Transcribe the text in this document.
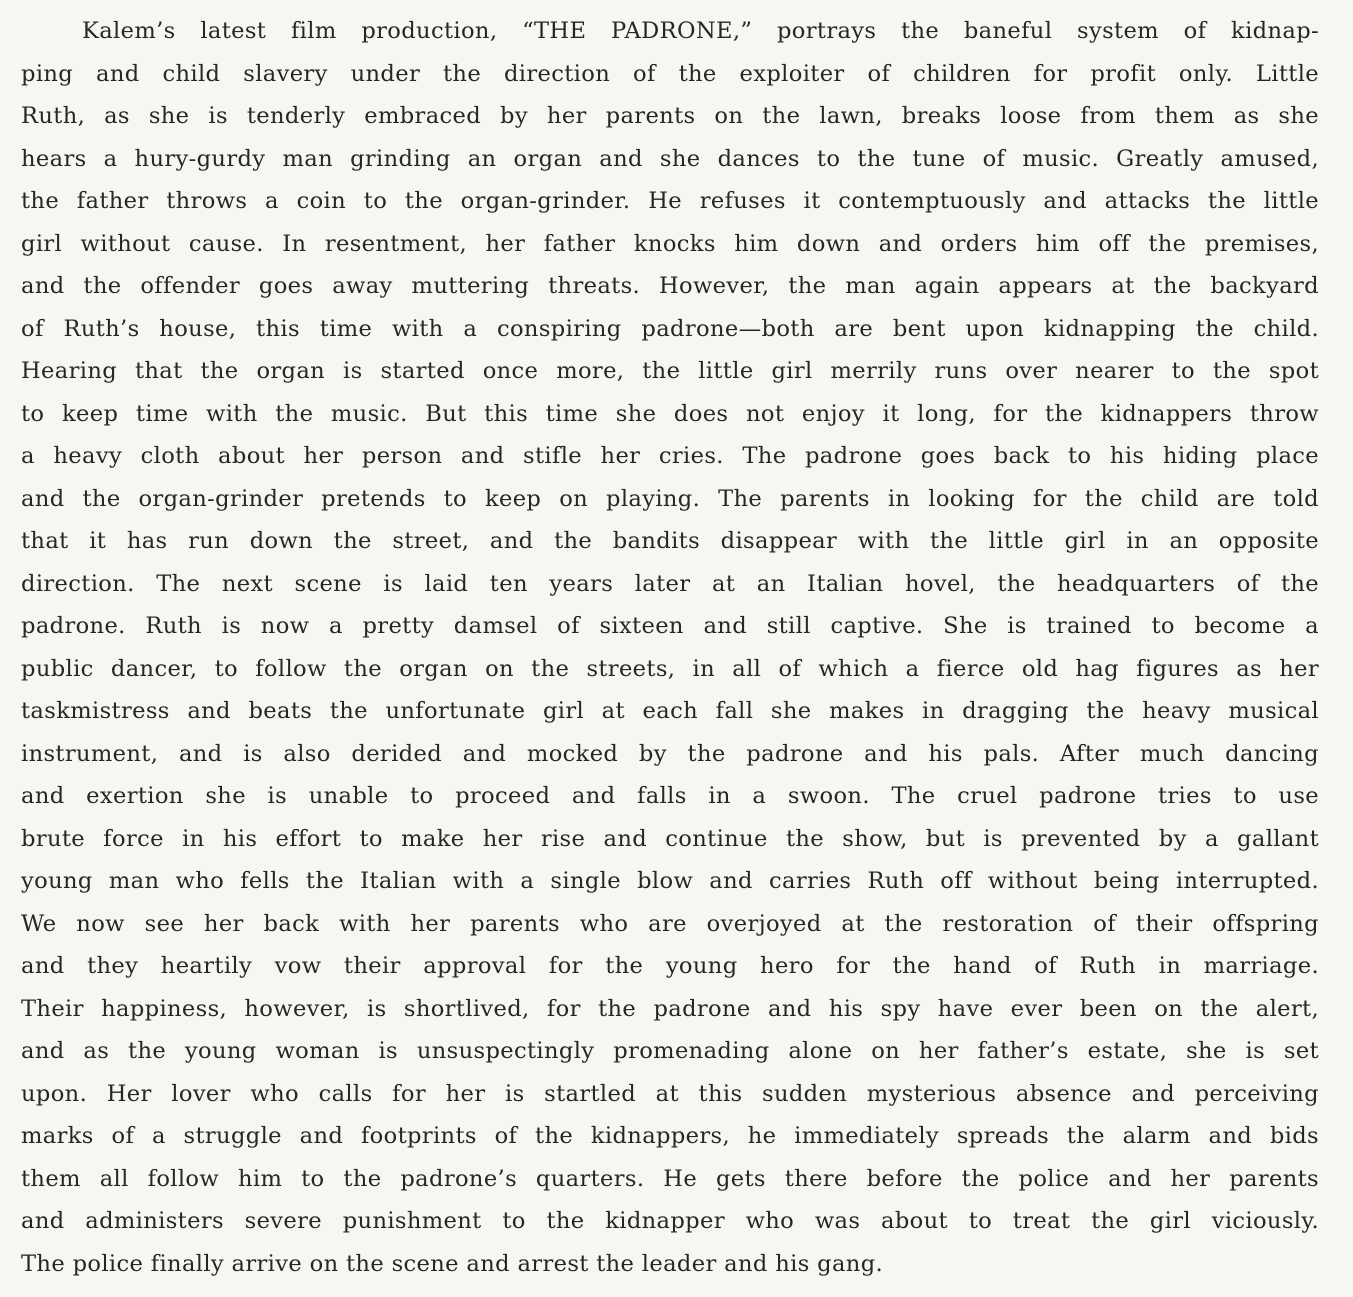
Kalem’s latest film production, “THE PADRONE,” portrays the baneful system of kidnap-
ping and child slavery under the direction of the exploiter of children for profit only. Little
Ruth, as she is tenderly embraced by her parents on the lawn, breaks loose from them as she
hears a hury-gurdy man grinding an organ and she dances to the tune of music. Greatly amused,
the father throws a coin to the organ-grinder. He refuses it contemptuously and attacks the little
girl without cause. In resentment, her father knocks him down and orders him off the premises,
and the offender goes away muttering threats. However, the man again appears at the backyard
of Ruth’s house, this time with a conspiring padrone—both are bent upon kidnapping the child.
Hearing that the organ is started once more, the little girl merrily runs over nearer to the spot
to keep time with the music. But this time she does not enjoy it long, for the kidnappers throw
a heavy cloth about her person and stifle her cries. The padrone goes back to his hiding place
and the organ-grinder pretends to keep on playing. The parents in looking for the child are told
that it has run down the street, and the bandits disappear with the little girl in an opposite
direction. The next scene is laid ten years later at an Italian hovel, the headquarters of the
padrone. Ruth is now a pretty damsel of sixteen and still captive. She is trained to become a
public dancer, to follow the organ on the streets, in all of which a fierce old hag figures as her
taskmistress and beats the unfortunate girl at each fall she makes in dragging the heavy musical
instrument, and is also derided and mocked by the padrone and his pals. After much dancing
and exertion she is unable to proceed and falls in a swoon. The cruel padrone tries to use
brute force in his effort to make her rise and continue the show, but is prevented by a gallant
young man who fells the Italian with a single blow and carries Ruth off without being interrupted.
We now see her back with her parents who are overjoyed at the restoration of their offspring
and they heartily vow their approval for the young hero for the hand of Ruth in marriage.
Their happiness, however, is shortlived, for the padrone and his spy have ever been on the alert,
and as the young woman is unsuspectingly promenading alone on her father’s estate, she is set
upon. Her lover who calls for her is startled at this sudden mysterious absence and perceiving
marks of a struggle and footprints of the kidnappers, he immediately spreads the alarm and bids
them all follow him to the padrone’s quarters. He gets there before the police and her parents
and administers severe punishment to the kidnapper who was about to treat the girl viciously.
The police finally arrive on the scene and arrest the leader and his gang.
